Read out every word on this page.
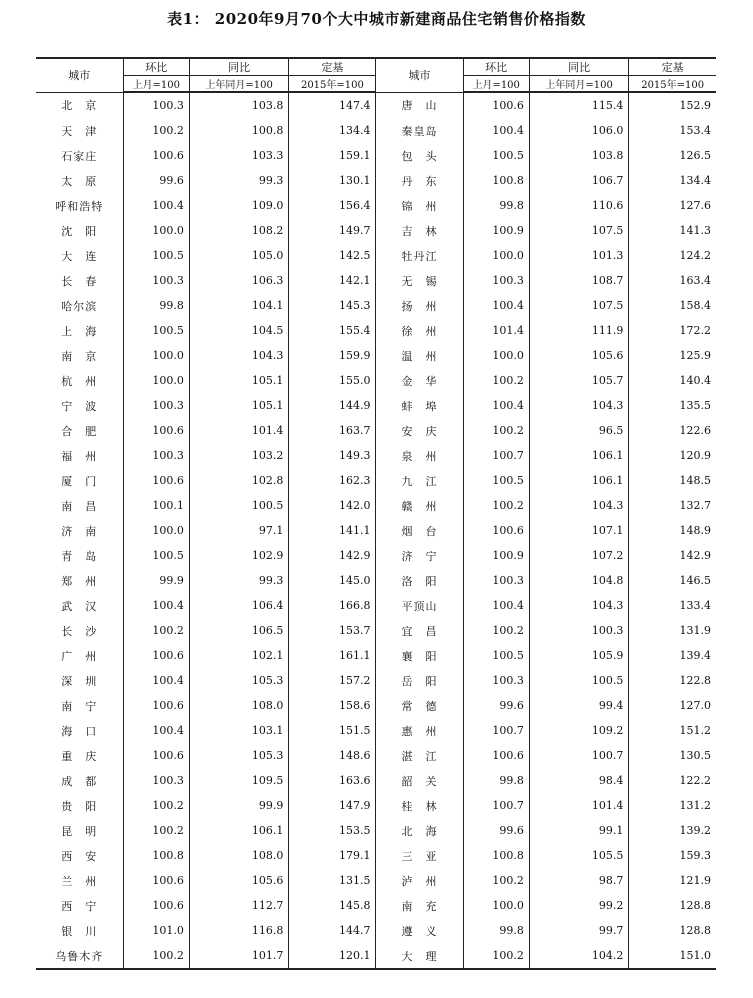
表1： 2020年9月70个大中城市新建商品住宅销售价格指数
城市	环比	同比	定基	城市	环比	同比	定基
	上月=100	上年同月=100	2015年=100		上月=100	上年同月=100	2015年=100
北　京	100.3	103.8	147.4	唐　山	100.6	115.4	152.9
天　津	100.2	100.8	134.4	秦皇岛	100.4	106.0	153.4
石家庄	100.6	103.3	159.1	包　头	100.5	103.8	126.5
太　原	99.6	99.3	130.1	丹　东	100.8	106.7	134.4
呼和浩特	100.4	109.0	156.4	锦　州	99.8	110.6	127.6
沈　阳	100.0	108.2	149.7	吉　林	100.9	107.5	141.3
大　连	100.5	105.0	142.5	牡丹江	100.0	101.3	124.2
长　春	100.3	106.3	142.1	无　锡	100.3	108.7	163.4
哈尔滨	99.8	104.1	145.3	扬　州	100.4	107.5	158.4
上　海	100.5	104.5	155.4	徐　州	101.4	111.9	172.2
南　京	100.0	104.3	159.9	温　州	100.0	105.6	125.9
杭　州	100.0	105.1	155.0	金　华	100.2	105.7	140.4
宁　波	100.3	105.1	144.9	蚌　埠	100.4	104.3	135.5
合　肥	100.6	101.4	163.7	安　庆	100.2	96.5	122.6
福　州	100.3	103.2	149.3	泉　州	100.7	106.1	120.9
厦　门	100.6	102.8	162.3	九　江	100.5	106.1	148.5
南　昌	100.1	100.5	142.0	赣　州	100.2	104.3	132.7
济　南	100.0	97.1	141.1	烟　台	100.6	107.1	148.9
青　岛	100.5	102.9	142.9	济　宁	100.9	107.2	142.9
郑　州	99.9	99.3	145.0	洛　阳	100.3	104.8	146.5
武　汉	100.4	106.4	166.8	平顶山	100.4	104.3	133.4
长　沙	100.2	106.5	153.7	宜　昌	100.2	100.3	131.9
广　州	100.6	102.1	161.1	襄　阳	100.5	105.9	139.4
深　圳	100.4	105.3	157.2	岳　阳	100.3	100.5	122.8
南　宁	100.6	108.0	158.6	常　德	99.6	99.4	127.0
海　口	100.4	103.1	151.5	惠　州	100.7	109.2	151.2
重　庆	100.6	105.3	148.6	湛　江	100.6	100.7	130.5
成　都	100.3	109.5	163.6	韶　关	99.8	98.4	122.2
贵　阳	100.2	99.9	147.9	桂　林	100.7	101.4	131.2
昆　明	100.2	106.1	153.5	北　海	99.6	99.1	139.2
西　安	100.8	108.0	179.1	三　亚	100.8	105.5	159.3
兰　州	100.6	105.6	131.5	泸　州	100.2	98.7	121.9
西　宁	100.6	112.7	145.8	南　充	100.0	99.2	128.8
银　川	101.0	116.8	144.7	遵　义	99.8	99.7	128.8
乌鲁木齐	100.2	101.7	120.1	大　理	100.2	104.2	151.0
